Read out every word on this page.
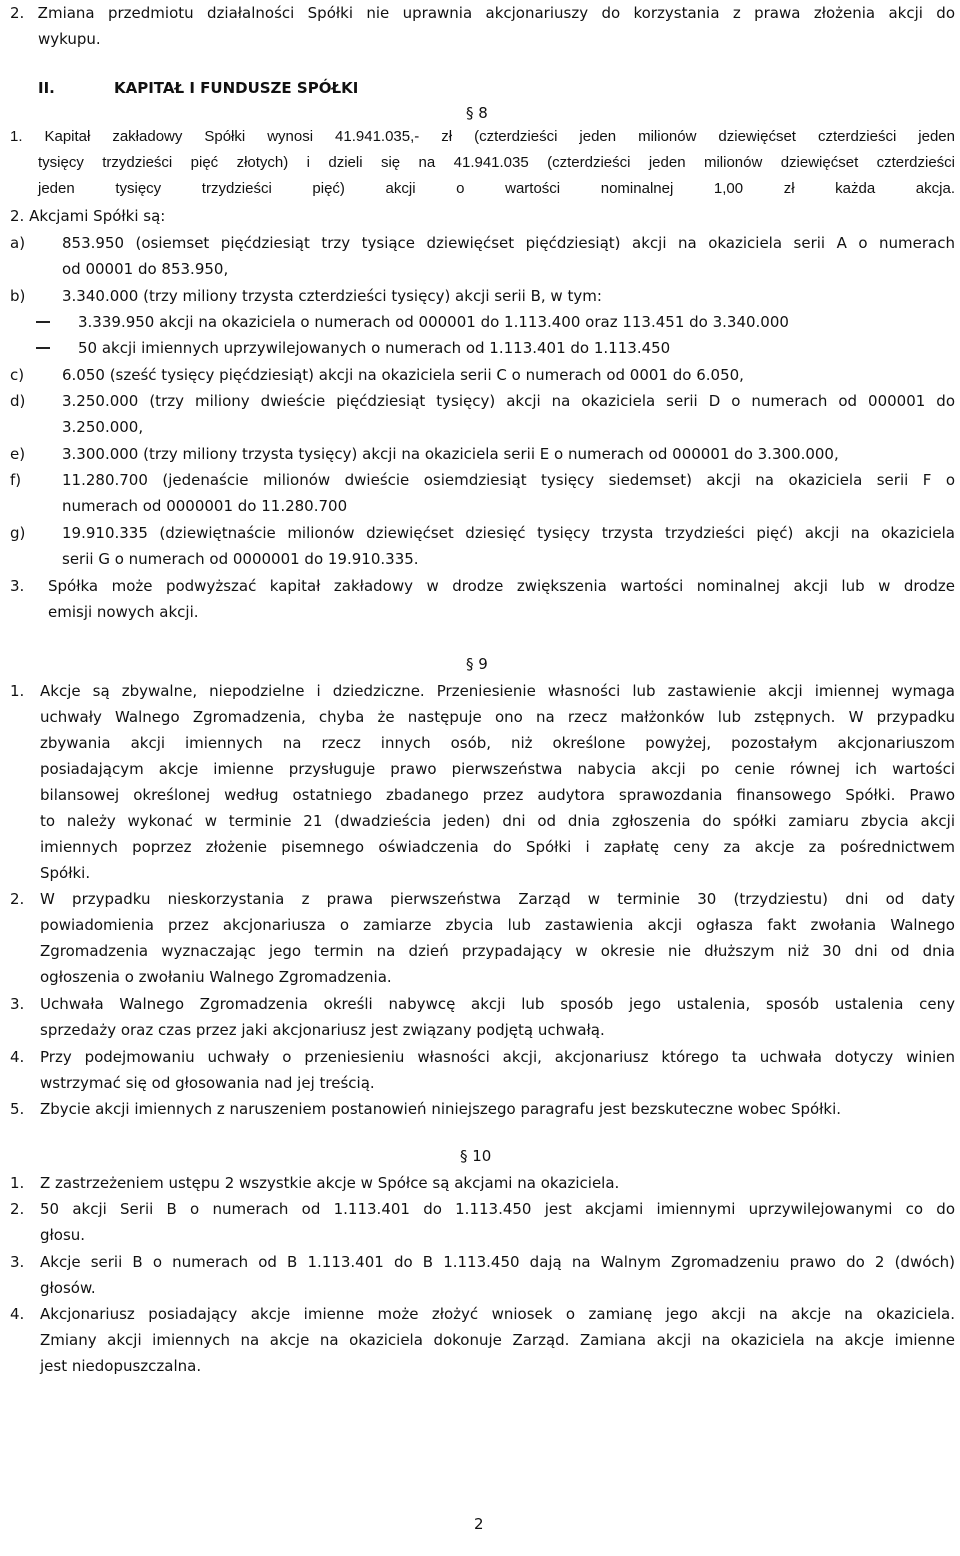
2. Zmiana przedmiotu działalności Spółki nie uprawnia akcjonariuszy do korzystania z prawa złożenia akcji do
wykupu.
II.	KAPITAŁ I FUNDUSZE SPÓŁKI
§ 8
1. Kapitał zakładowy Spółki wynosi 41.941.035,- zł (czterdzieści jeden milionów dziewięćset czterdzieści jeden
tysięcy trzydzieści pięć złotych) i dzieli się na 41.941.035 (czterdzieści jeden milionów dziewięćset czterdzieści
jeden tysięcy trzydzieści pięć) akcji o wartości nominalnej 1,00 zł każda akcja.
2. Akcjami Spółki są:
a) 853.950 (osiemset pięćdziesiąt trzy tysiące dziewięćset pięćdziesiąt) akcji na okaziciela serii A o numerach
od 00001 do 853.950,
b) 3.340.000 (trzy miliony trzysta czterdzieści tysięcy) akcji serii B, w tym:
3.339.950 akcji na okaziciela o numerach od 000001 do 1.113.400 oraz 113.451 do 3.340.000
50 akcji imiennych uprzywilejowanych o numerach od 1.113.401 do 1.113.450
c)	6.050 (sześć tysięcy pięćdziesiąt) akcji na okaziciela serii C o numerach od 0001 do 6.050,
d) 3.250.000 (trzy miliony dwieście pięćdziesiąt tysięcy) akcji na okaziciela serii D o numerach od 000001 do
3.250.000,
e) 3.300.000 (trzy miliony trzysta tysięcy) akcji na okaziciela serii E o numerach od 000001 do 3.300.000,
f)	11.280.700 (jedenaście milionów dwieście osiemdziesiąt tysięcy siedemset) akcji na okaziciela serii F o
numerach od 0000001 do 11.280.700
g) 19.910.335 (dziewiętnaście milionów dziewięćset dziesięć tysięcy trzysta trzydzieści pięć) akcji na okaziciela
serii G o numerach od 0000001 do 19.910.335.
3. Spółka może podwyższać kapitał zakładowy w drodze zwiększenia wartości nominalnej akcji lub w drodze
emisji nowych akcji.
§ 9
1. Akcje są zbywalne, niepodzielne i dziedziczne. Przeniesienie własności lub zastawienie akcji imiennej wymaga
uchwały Walnego Zgromadzenia, chyba że następuje ono na rzecz małżonków lub zstępnych. W przypadku
zbywania akcji imiennych na rzecz innych osób, niż określone powyżej, pozostałym akcjonariuszom
posiadającym akcje imienne przysługuje prawo pierwszeństwa nabycia akcji po cenie równej ich wartości
bilansowej określonej według ostatniego zbadanego przez audytora sprawozdania finansowego Spółki. Prawo
to należy wykonać w terminie 21 (dwadzieścia jeden) dni od dnia zgłoszenia do spółki zamiaru zbycia akcji
imiennych poprzez złożenie pisemnego oświadczenia do Spółki i zapłatę ceny za akcje za pośrednictwem
Spółki.
2. W przypadku nieskorzystania z prawa pierwszeństwa Zarząd w terminie 30 (trzydziestu) dni od daty
powiadomienia przez akcjonariusza o zamiarze zbycia lub zastawienia akcji ogłasza fakt zwołania Walnego
Zgromadzenia wyznaczając jego termin na dzień przypadający w okresie nie dłuższym niż 30 dni od dnia
ogłoszenia o zwołaniu Walnego Zgromadzenia.
3. Uchwała Walnego Zgromadzenia określi nabywcę akcji lub sposób jego ustalenia, sposób ustalenia ceny
sprzedaży oraz czas przez jaki akcjonariusz jest związany podjętą uchwałą.
4. Przy podejmowaniu uchwały o przeniesieniu własności akcji, akcjonariusz którego ta uchwała dotyczy winien
wstrzymać się od głosowania nad jej treścią.
5. Zbycie akcji imiennych z naruszeniem postanowień niniejszego paragrafu jest bezskuteczne wobec Spółki.
§ 10
1. Z zastrzeżeniem ustępu 2 wszystkie akcje w Spółce są akcjami na okaziciela.
2. 50 akcji Serii B o numerach od 1.113.401 do 1.113.450 jest akcjami imiennymi uprzywilejowanymi co do
głosu.
3. Akcje serii B o numerach od B 1.113.401 do B 1.113.450 dają na Walnym Zgromadzeniu prawo do 2 (dwóch)
głosów.
4. Akcjonariusz posiadający akcje imienne może złożyć wniosek o zamianę jego akcji na akcje na okaziciela.
Zmiany akcji imiennych na akcje na okaziciela dokonuje Zarząd. Zamiana akcji na okaziciela na akcje imienne
jest niedopuszczalna.
2
